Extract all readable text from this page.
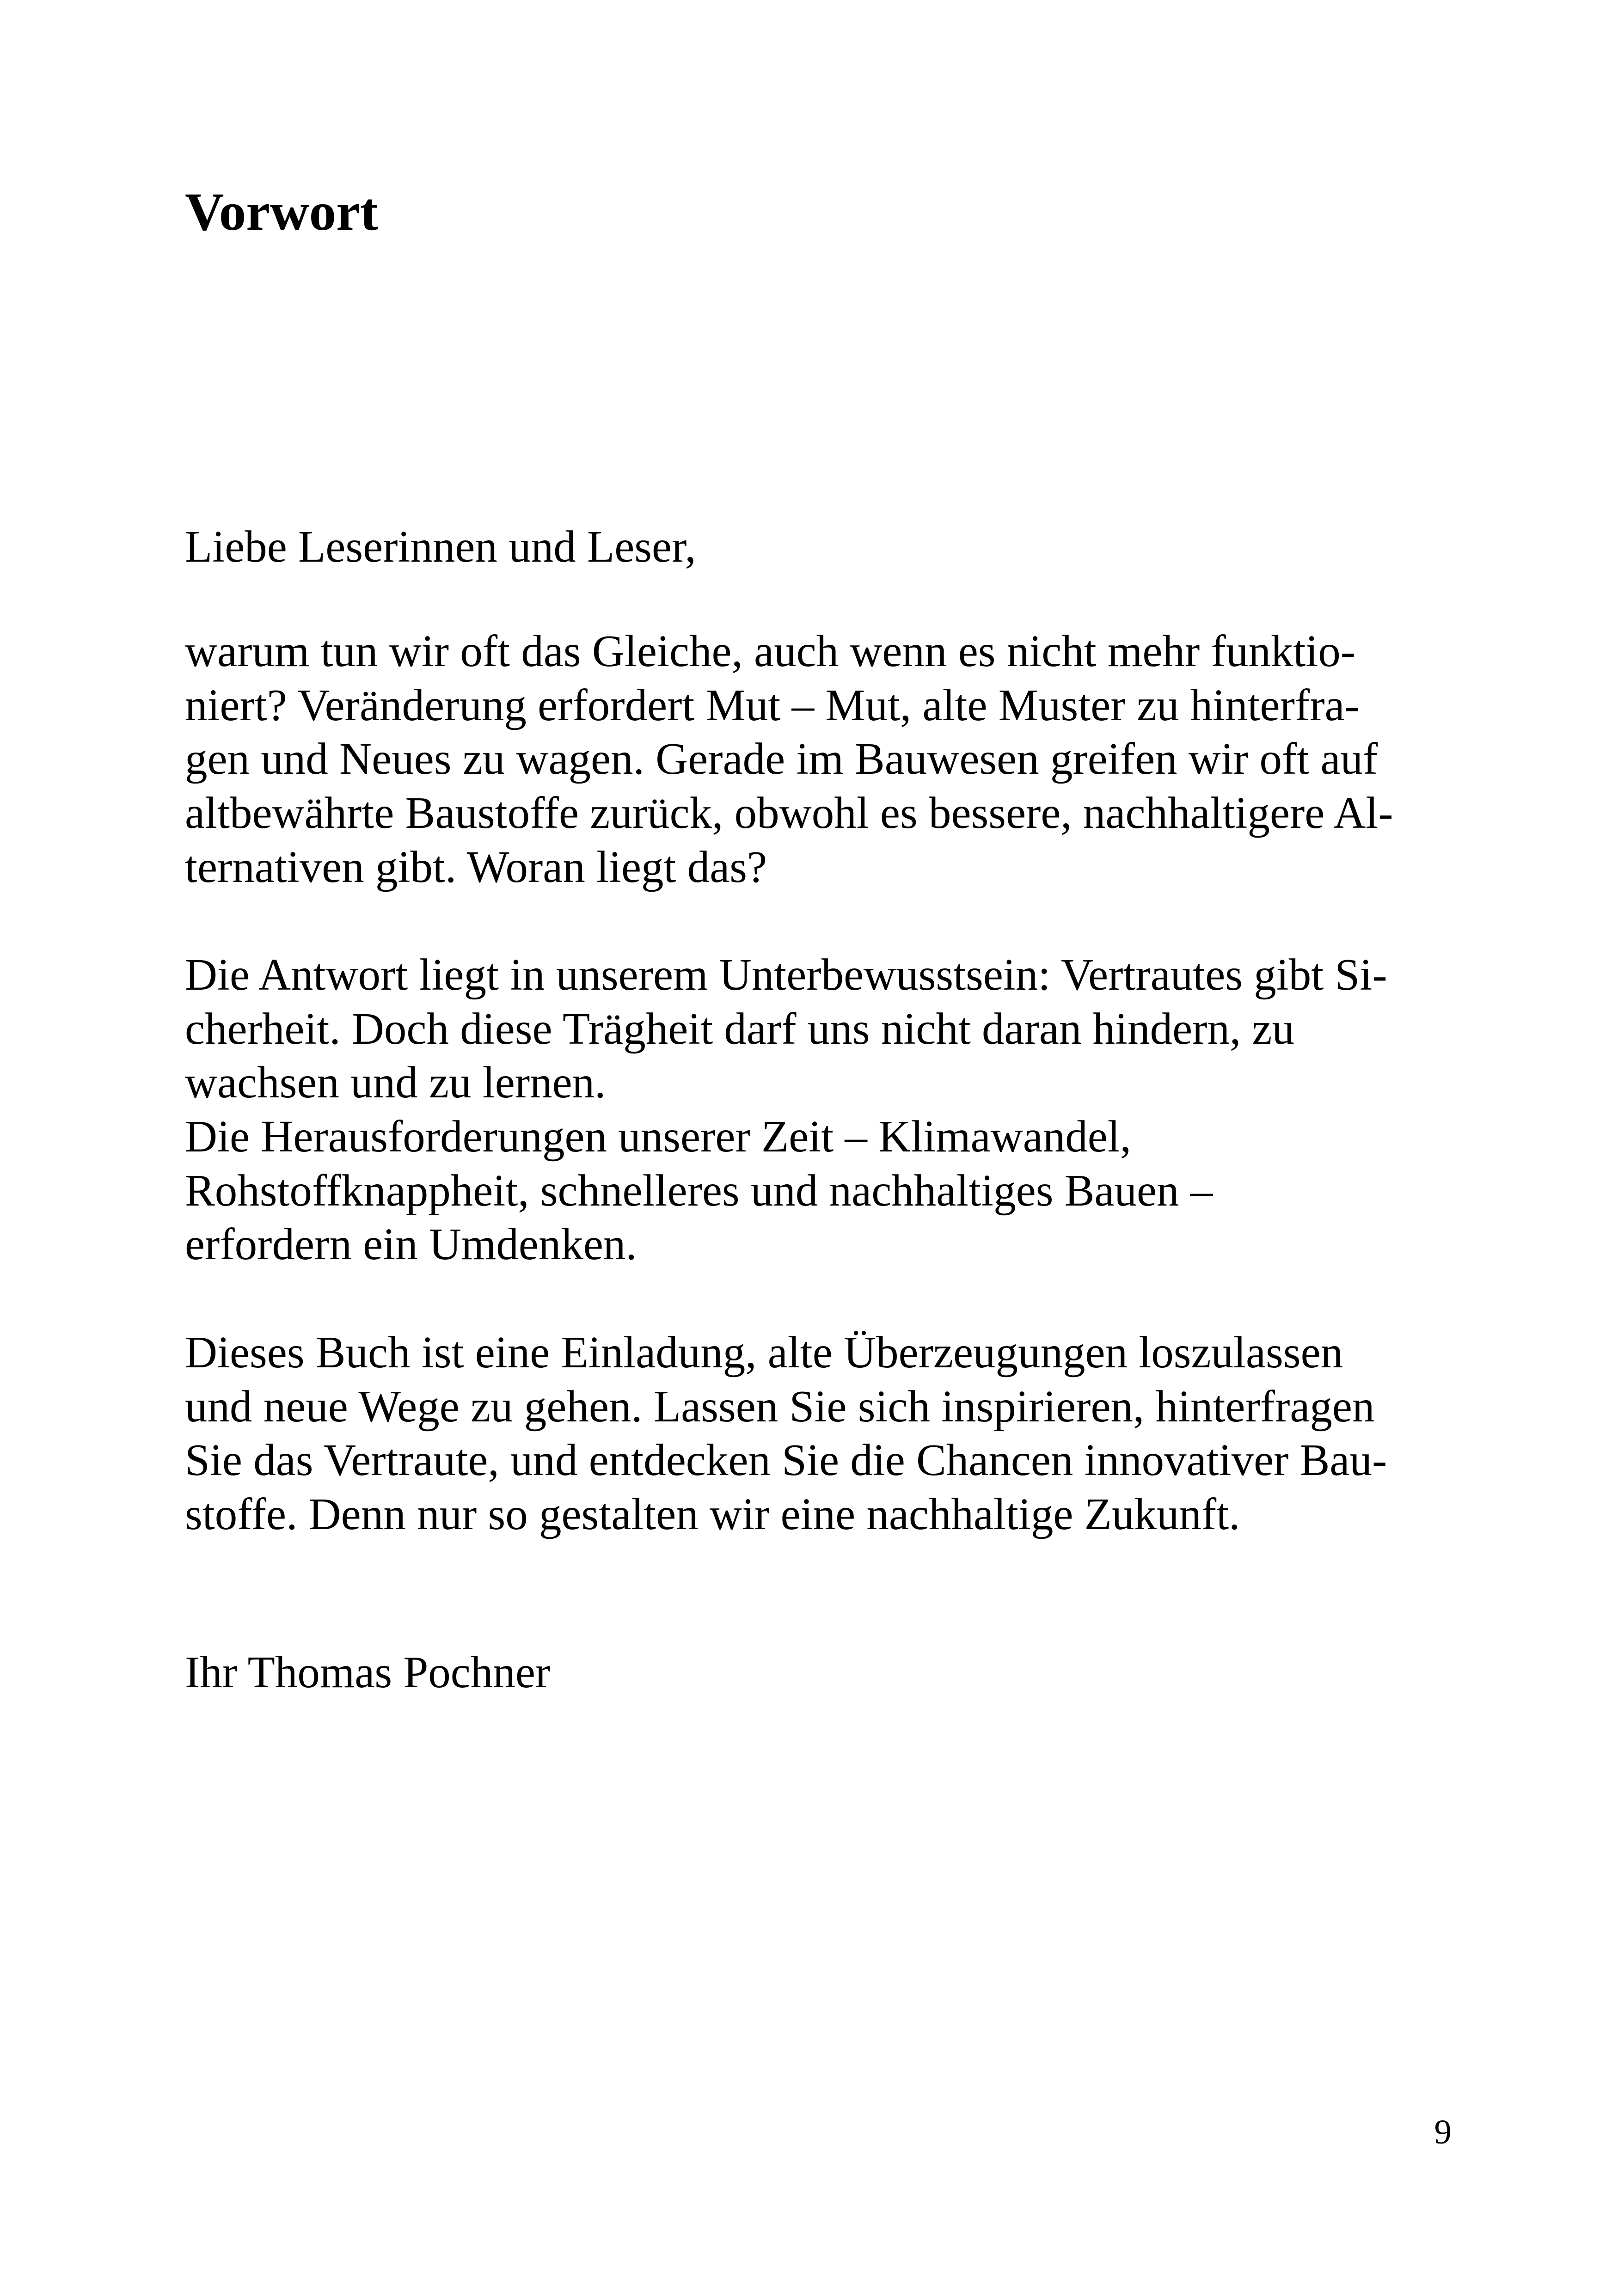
Vorwort
Liebe Leserinnen und Leser,
warum tun wir oft das Gleiche, auch wenn es nicht mehr funktio-
niert? Veränderung erfordert Mut – Mut, alte Muster zu hinterfra-
gen und Neues zu wagen. Gerade im Bauwesen greifen wir oft auf
altbewährte Baustoffe zurück, obwohl es bessere, nachhaltigere Al-
ternativen gibt. Woran liegt das?
Die Antwort liegt in unserem Unterbewusstsein: Vertrautes gibt Si-
cherheit. Doch diese Trägheit darf uns nicht daran hindern, zu
wachsen und zu lernen.
Die Herausforderungen unserer Zeit – Klimawandel,
Rohstoffknappheit, schnelleres und nachhaltiges Bauen –
erfordern ein Umdenken.
Dieses Buch ist eine Einladung, alte Überzeugungen loszulassen
und neue Wege zu gehen. Lassen Sie sich inspirieren, hinterfragen
Sie das Vertraute, und entdecken Sie die Chancen innovativer Bau-
stoffe. Denn nur so gestalten wir eine nachhaltige Zukunft.
Ihr Thomas Pochner
9
